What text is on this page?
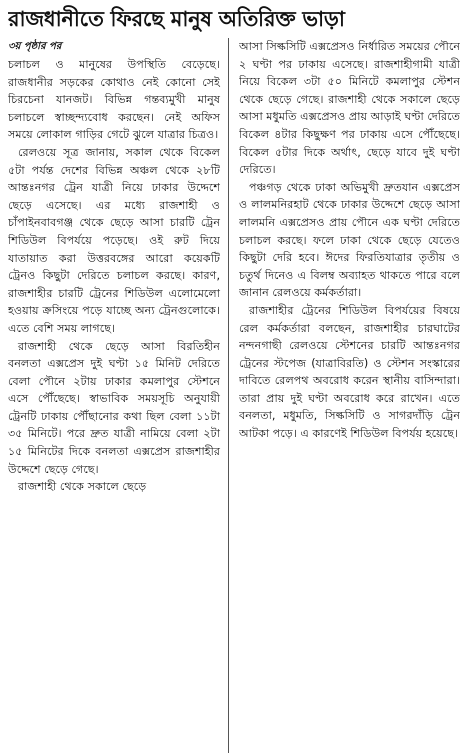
রাজধানীতে ফিরছে মানুষ অতিরিক্ত ভাড়া
৩য় পৃষ্ঠার পর

চলাচল ও মানুষের উপস্থিতি বেড়েছে। রাজধানীর সড়কের কোথাও নেই কোনো সেই চিরচেনা যানজট। বিভিন্ন গন্তব্যমুখী মানুষ চলাচলে স্বাচ্ছন্দ্যবোধ করছেন। নেই অফিস সময়ে লোকাল গাড়ির গেটে ঝুলে যাত্রার চিত্রও।

রেলওয়ে সূত্র জানায়, সকাল থেকে বিকেল ৫টা পর্যন্ত দেশের বিভিন্ন অঞ্চল থেকে ২৮টি আন্তঃনগর ট্রেন যাত্রী নিয়ে ঢাকার উদ্দেশে ছেড়ে এসেছে। এর মধ্যে রাজশাহী ও চাঁপাইনবাবগঞ্জ থেকে ছেড়ে আসা চারটি ট্রেন শিডিউল বিপর্যয়ে পড়েছে। ওই রুট দিয়ে যাতায়াত করা উত্তরবঙ্গের আরো কয়েকটি ট্রেনও কিছুটা দেরিতে চলাচল করছে। কারণ, রাজশাহীর চারটি ট্রেনের শিডিউল এলোমেলো হওয়ায় ক্রসিংয়ে পড়ে যাচ্ছে অন্য ট্রেনগুলোকে। এতে বেশি সময় লাগছে।

রাজশাহী থেকে ছেড়ে আসা বিরতিহীন বনলতা এক্সপ্রেস দুই ঘণ্টা ১৫ মিনিট দেরিতে বেলা পৌনে ২টায় ঢাকার কমলাপুর স্টেশনে এসে পৌঁছেছে। স্বাভাবিক সময়সূচি অনুযায়ী ট্রেনটি ঢাকায় পৌঁছানোর কথা ছিল বেলা ১১টা ৩৫ মিনিটে। পরে দ্রুত যাত্রী নামিয়ে বেলা ২টা ১৫ মিনিটের দিকে বনলতা এক্সপ্রেস রাজশাহীর উদ্দেশে ছেড়ে গেছে।

রাজশাহী থেকে সকালে ছেড়ে

আসা সিল্কসিটি এক্সপ্রেসও নির্ধারিত সময়ের পৌনে ২ ঘণ্টা পর ঢাকায় এসেছে। রাজশাহীগামী যাত্রী নিয়ে বিকেল ৩টা ৫০ মিনিটে কমলাপুর স্টেশন থেকে ছেড়ে গেছে। রাজশাহী থেকে সকালে ছেড়ে আসা মধুমতি এক্সপ্রেসও প্রায় আড়াই ঘণ্টা দেরিতে বিকেল ৪টার কিছুক্ষণ পর ঢাকায় এসে পৌঁছেছে। বিকেল ৫টার দিকে অর্থাৎ, ছেড়ে যাবে দুই ঘণ্টা দেরিতে।

পঞ্চগড় থেকে ঢাকা অভিমুখী দ্রুতযান এক্সপ্রেস ও লালমনিরহাট থেকে ঢাকার উদ্দেশে ছেড়ে আসা লালমনি এক্সপ্রেসও প্রায় পৌনে এক ঘণ্টা দেরিতে চলাচল করছে। ফলে ঢাকা থেকে ছেড়ে যেতেও কিছুটা দেরি হবে। ঈদের ফিরতিযাত্রার তৃতীয় ও চতুর্থ দিনেও এ বিলম্ব অব্যাহত থাকতে পারে বলে জানান রেলওয়ে কর্মকর্তারা।

রাজশাহীর ট্রেনের শিডিউল বিপর্যয়ের বিষয়ে রেল কর্মকর্তারা বলছেন, রাজশাহীর চারঘাটের নন্দনগাছী রেলওয়ে স্টেশনের চারটি আন্তঃনগর ট্রেনের স্টপেজ (যাত্রাবিরতি) ও স্টেশন সংস্কারের দাবিতে রেলপথ অবরোধ করেন স্থানীয় বাসিন্দারা। তারা প্রায় দুই ঘণ্টা অবরোধ করে রাখেন। এতে বনলতা, মধুমতি, সিল্কসিটি ও সাগরদাঁড়ি ট্রেন আটকা পড়ে। এ কারণেই শিডিউল বিপর্যয় হয়েছে।
